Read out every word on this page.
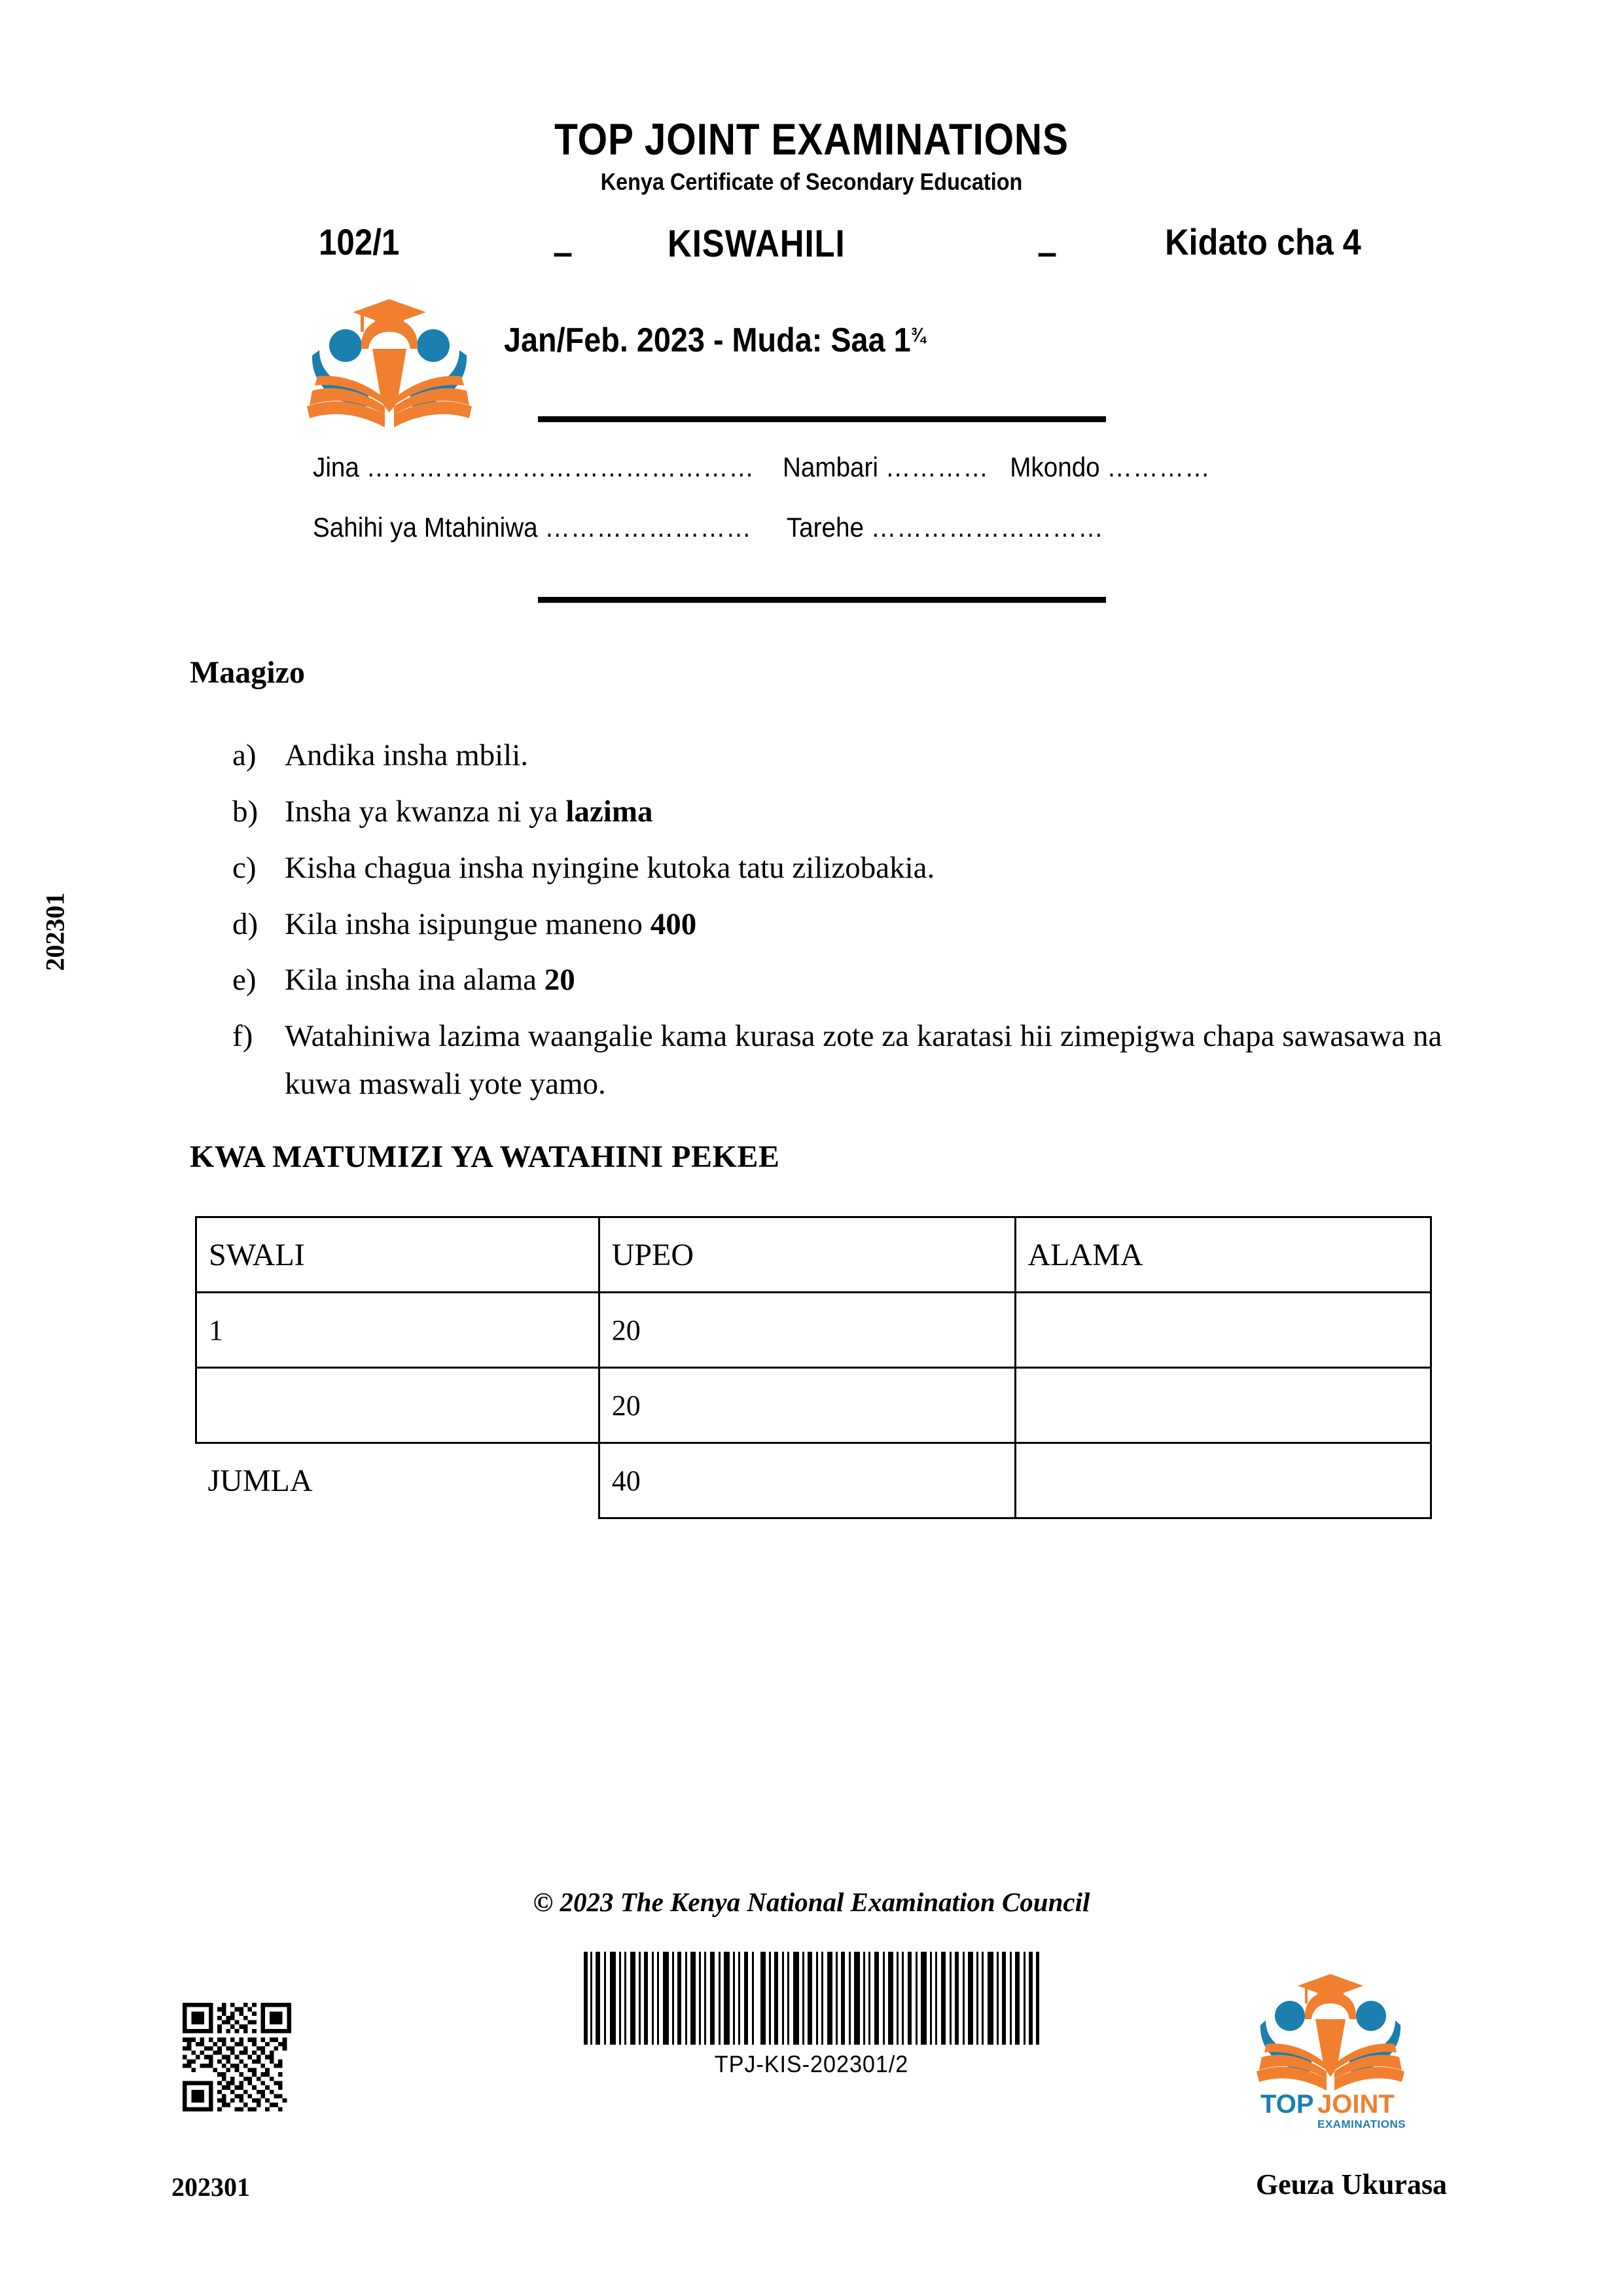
TOP JOINT EXAMINATIONS
Kenya Certificate of Secondary Education
102/1	– KISWAHILI	–	Kidato cha 4
Jan/Feb. 2023 - Muda: Saa $1^{\frac{3}{4}}$
Jina ……………………………………… Nambari ………… Mkondo …………
Sahihi ya Mtahiniwa …………………… Tarehe ………………………
Maagizo
a) Andika insha mbili.
b) Insha ya kwanza ni ya lazima
c) Kisha chagua insha nyingine kutoka tatu zilizobakia.
d) Kila insha isipungue maneno 400
e) Kila insha ina alama 20
f)	Watahiniwa lazima waangalie kama kurasa zote za karatasi hii zimepigwa chapa sawasawa na kuwa maswali yote yamo.
KWA MATUMIZI YA WATAHINI PEKEE
SWALI	UPEO	ALAMA
1	20	
	20	
JUMLA	40	
202301
© 2023 The Kenya National Examination Council
TPJ-KIS-202301/2
202301
TOP JOINT
EXAMINATIONS
Geuza Ukurasa
